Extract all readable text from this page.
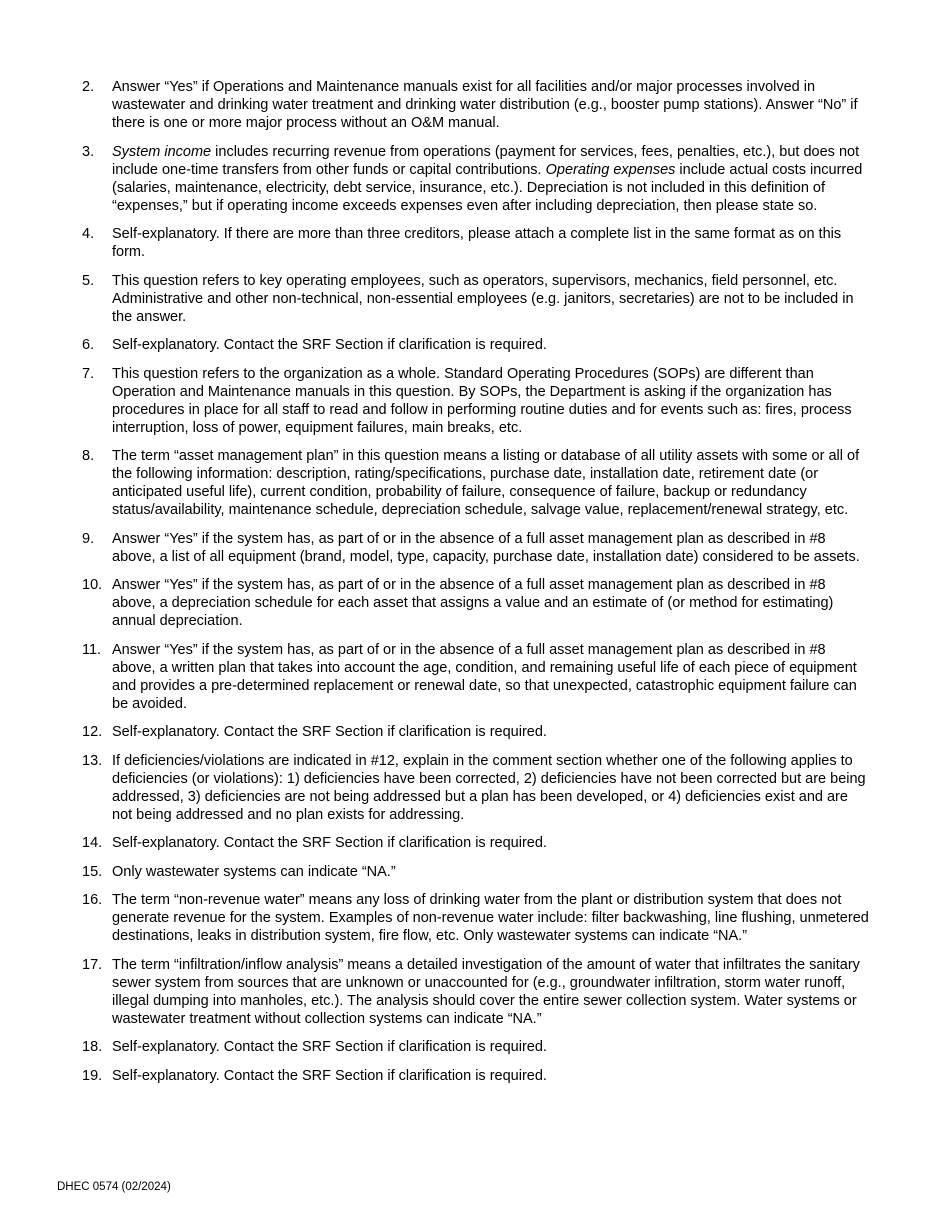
2.	Answer “Yes” if Operations and Maintenance manuals exist for all facilities and/or major processes involved in wastewater and drinking water treatment and drinking water distribution (e.g., booster pump stations). Answer “No” if there is one or more major process without an O&M manual.
3.	System income includes recurring revenue from operations (payment for services, fees, penalties, etc.), but does not include one-time transfers from other funds or capital contributions. Operating expenses include actual costs incurred (salaries, maintenance, electricity, debt service, insurance, etc.). Depreciation is not included in this definition of “expenses,” but if operating income exceeds expenses even after including depreciation, then please state so.
4.	Self-explanatory. If there are more than three creditors, please attach a complete list in the same format as on this form.
5.	This question refers to key operating employees, such as operators, supervisors, mechanics, field personnel, etc. Administrative and other non-technical, non-essential employees (e.g. janitors, secretaries) are not to be included in the answer.
6.	Self-explanatory. Contact the SRF Section if clarification is required.
7.	This question refers to the organization as a whole. Standard Operating Procedures (SOPs) are different than Operation and Maintenance manuals in this question. By SOPs, the Department is asking if the organization has procedures in place for all staff to read and follow in performing routine duties and for events such as: fires, process interruption, loss of power, equipment failures, main breaks, etc.
8.	The term “asset management plan” in this question means a listing or database of all utility assets with some or all of the following information: description, rating/specifications, purchase date, installation date, retirement date (or anticipated useful life), current condition, probability of failure, consequence of failure, backup or redundancy status/availability, maintenance schedule, depreciation schedule, salvage value, replacement/renewal strategy, etc.
9.	Answer “Yes” if the system has, as part of or in the absence of a full asset management plan as described in #8 above, a list of all equipment (brand, model, type, capacity, purchase date, installation date) considered to be assets.
10. Answer “Yes” if the system has, as part of or in the absence of a full asset management plan as described in #8 above, a depreciation schedule for each asset that assigns a value and an estimate of (or method for estimating) annual depreciation.
11. Answer “Yes” if the system has, as part of or in the absence of a full asset management plan as described in #8 above, a written plan that takes into account the age, condition, and remaining useful life of each piece of equipment and provides a pre-determined replacement or renewal date, so that unexpected, catastrophic equipment failure can be avoided.
12. Self-explanatory. Contact the SRF Section if clarification is required.
13. If deficiencies/violations are indicated in #12, explain in the comment section whether one of the following applies to deficiencies (or violations): 1) deficiencies have been corrected, 2) deficiencies have not been corrected but are being addressed, 3) deficiencies are not being addressed but a plan has been developed, or 4) deficiencies exist and are not being addressed and no plan exists for addressing.
14. Self-explanatory. Contact the SRF Section if clarification is required.
15. Only wastewater systems can indicate “NA.”
16. The term “non-revenue water” means any loss of drinking water from the plant or distribution system that does not generate revenue for the system. Examples of non-revenue water include: filter backwashing, line flushing, unmetered destinations, leaks in distribution system, fire flow, etc. Only wastewater systems can indicate “NA.”
17. The term “infiltration/inflow analysis” means a detailed investigation of the amount of water that infiltrates the sanitary sewer system from sources that are unknown or unaccounted for (e.g., groundwater infiltration, storm water runoff, illegal dumping into manholes, etc.). The analysis should cover the entire sewer collection system. Water systems or wastewater treatment without collection systems can indicate “NA.”
18. Self-explanatory. Contact the SRF Section if clarification is required.
19. Self-explanatory. Contact the SRF Section if clarification is required.
DHEC 0574 (02/2024)
